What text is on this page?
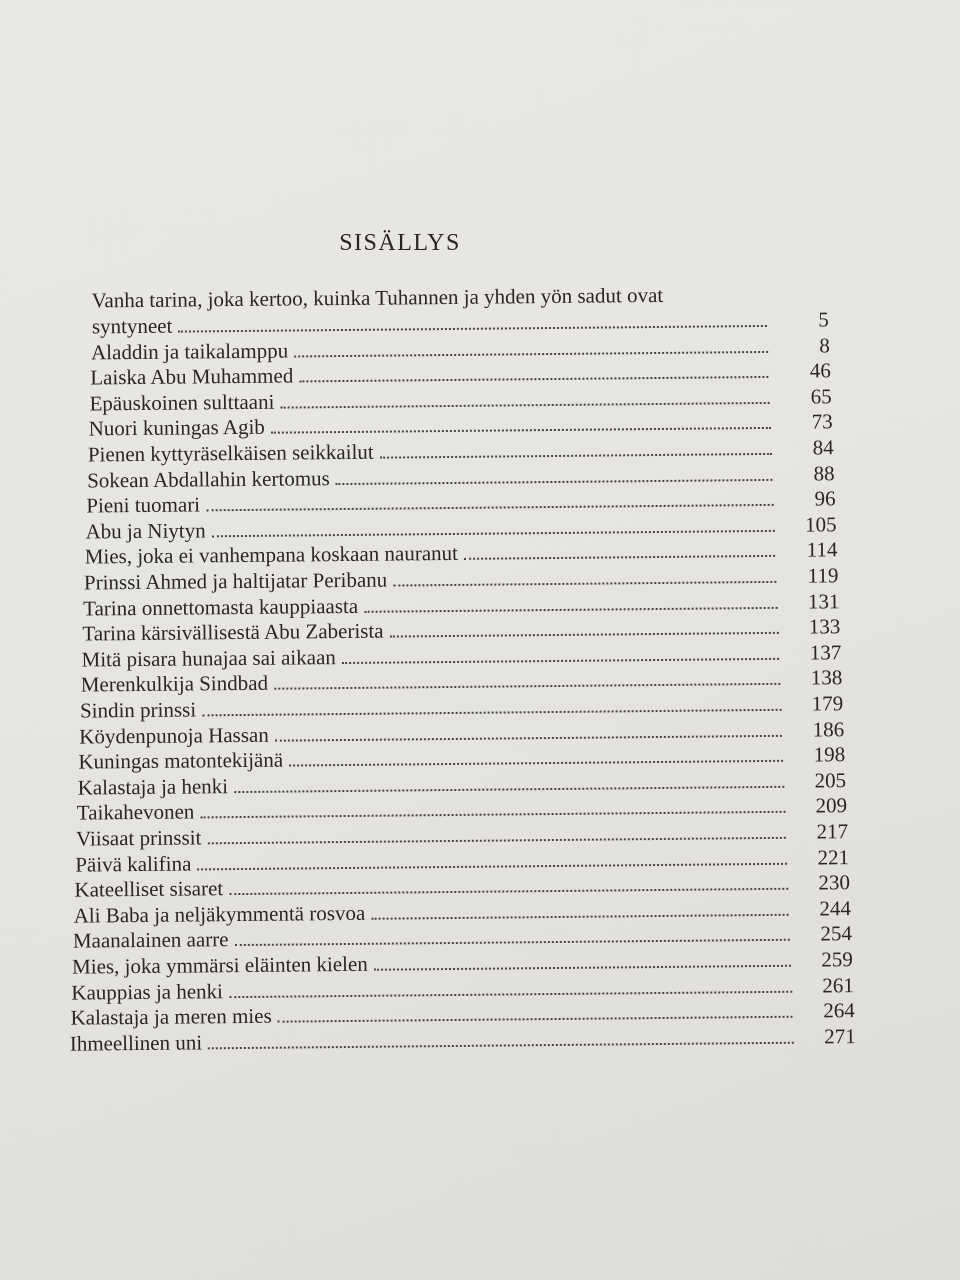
SISÄLLYS
Vanha tarina, joka kertoo, kuinka Tuhannen ja yhden yön sadut ovat
syntyneet	5
Aladdin ja taikalamppu	8
Laiska Abu Muhammed	46
Epäuskoinen sulttaani	65
Nuori kuningas Agib	73
Pienen kyttyräselkäisen seikkailut	84
Sokean Abdallahin kertomus	88
Pieni tuomari	96
Abu ja Niytyn	105
Mies, joka ei vanhempana koskaan nauranut	114
Prinssi Ahmed ja haltijatar Peribanu	119
Tarina onnettomasta kauppiaasta	131
Tarina kärsivällisestä Abu Zaberista	133
Mitä pisara hunajaa sai aikaan	137
Merenkulkija Sindbad	138
Sindin prinssi	179
Köydenpunoja Hassan	186
Kuningas matontekijänä	198
Kalastaja ja henki	205
Taikahevonen	209
Viisaat prinssit	217
Päivä kalifina	221
Kateelliset sisaret	230
Ali Baba ja neljäkymmentä rosvoa	244
Maanalainen aarre	254
Mies, joka ymmärsi eläinten kielen	259
Kauppias ja henki	261
Kalastaja ja meren mies	264
Ihmeellinen uni	271
